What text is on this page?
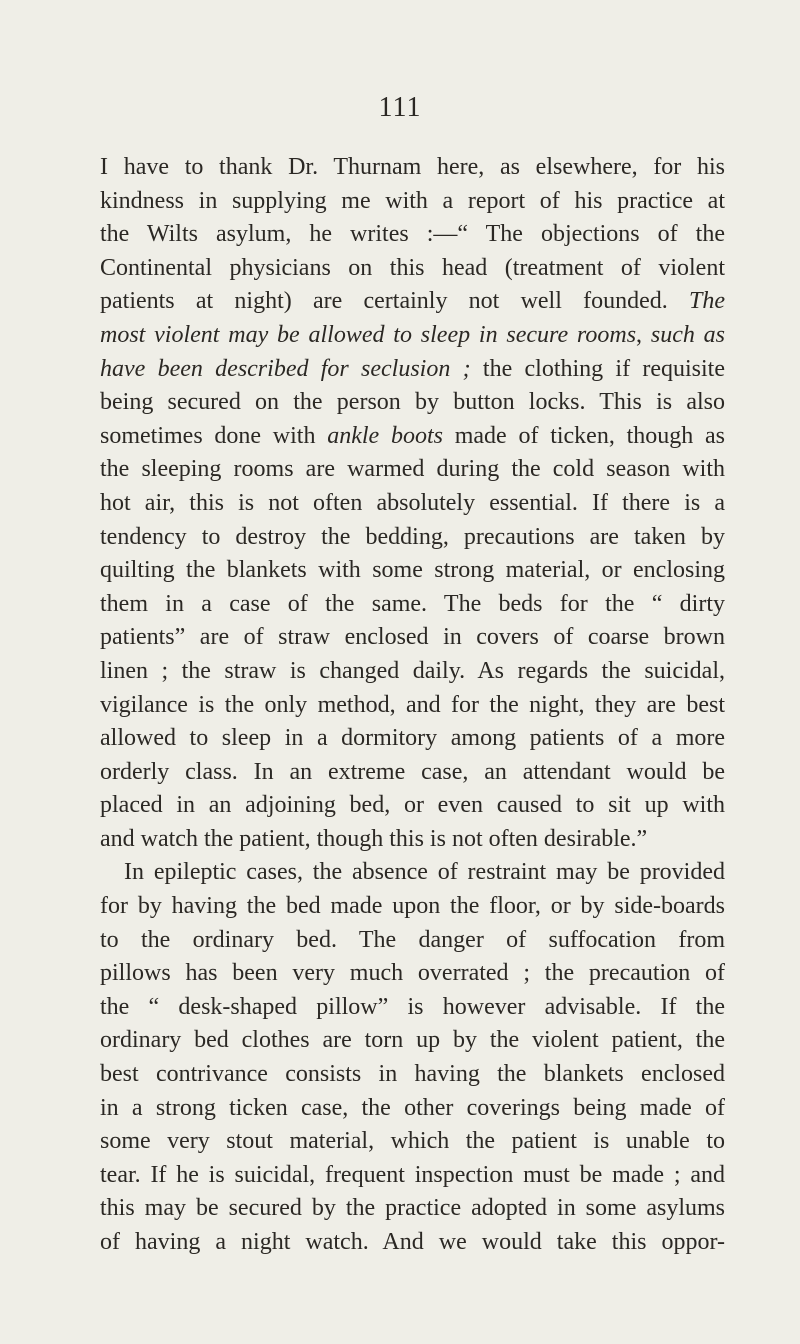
111
I have to thank Dr. Thurnam here, as elsewhere, for his
kindness in supplying me with a report of his practice at
the Wilts asylum, he writes :—“ The objections of the
Continental physicians on this head (treatment of violent
patients at night) are certainly not well founded. The
most violent may be allowed to sleep in secure rooms, such as
have been described for seclusion ; the clothing if requisite
being secured on the person by button locks. This is also
sometimes done with ankle boots made of ticken, though as
the sleeping rooms are warmed during the cold season with
hot air, this is not often absolutely essential. If there is a
tendency to destroy the bedding, precautions are taken by
quilting the blankets with some strong material, or enclosing
them in a case of the same. The beds for the “ dirty
patients” are of straw enclosed in covers of coarse brown
linen ; the straw is changed daily. As regards the suicidal,
vigilance is the only method, and for the night, they are best
allowed to sleep in a dormitory among patients of a more
orderly class. In an extreme case, an attendant would be
placed in an adjoining bed, or even caused to sit up with
and watch the patient, though this is not often desirable.”
In epileptic cases, the absence of restraint may be provided
for by having the bed made upon the floor, or by side-boards
to the ordinary bed. The danger of suffocation from
pillows has been very much overrated ; the precaution of
the “ desk-shaped pillow” is however advisable. If the
ordinary bed clothes are torn up by the violent patient, the
best contrivance consists in having the blankets enclosed
in a strong ticken case, the other coverings being made of
some very stout material, which the patient is unable to
tear. If he is suicidal, frequent inspection must be made ; and
this may be secured by the practice adopted in some asylums
of having a night watch. And we would take this oppor-
